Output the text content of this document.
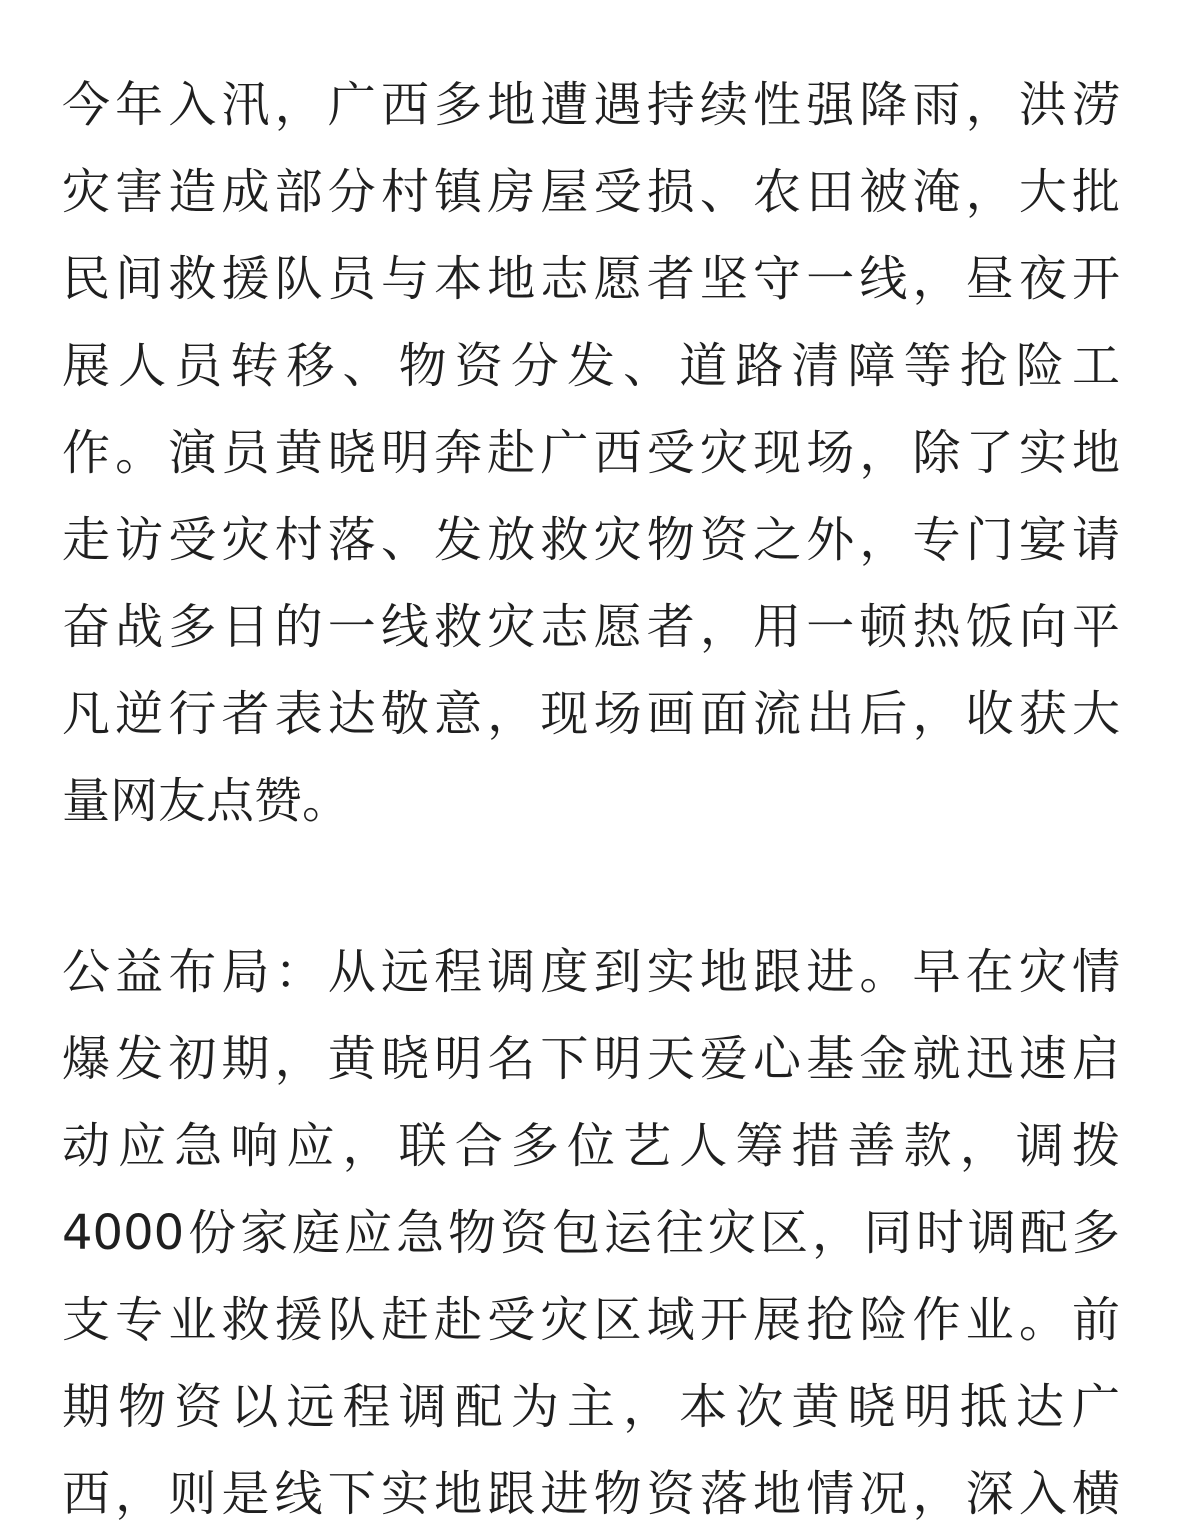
今 年 入 汛 ， 广 西 多 地 遭 遇 持 续 性 强 降 雨 ， 洪 涝
灾 害 造 成 部 分 村 镇 房 屋 受 损 、 农 田 被 淹 ， 大 批
民 间 救 援 队 员 与 本 地 志 愿 者 坚 守 一 线 ， 昼 夜 开
展 人 员 转 移 、 物 资 分 发 、 道 路 清 障 等 抢 险 工
作 。 演 员 黄 晓 明 奔 赴 广 西 受 灾 现 场 ， 除 了 实 地
走 访 受 灾 村 落 、 发 放 救 灾 物 资 之 外 ， 专 门 宴 请
奋 战 多 日 的 一 线 救 灾 志 愿 者 ， 用 一 顿 热 饭 向 平
凡 逆 行 者 表 达 敬 意 ， 现 场 画 面 流 出 后 ， 收 获 大
量网友点赞。
公 益 布 局 ： 从 远 程 调 度 到 实 地 跟 进 。 早 在 灾 情
爆 发 初 期 ， 黄 晓 明 名 下 明 天 爱 心 基 金 就 迅 速 启
动 应 急 响 应 ， 联 合 多 位 艺 人 筹 措 善 款 ， 调 拨
4000 份 家 庭 应 急 物 资 包 运 往 灾 区 ， 同 时 调 配 多
支 专 业 救 援 队 赶 赴 受 灾 区 域 开 展 抢 险 作 业 。 前
期 物 资 以 远 程 调 配 为 主 ， 本 次 黄 晓 明 抵 达 广
西 ， 则 是 线 下 实 地 跟 进 物 资 落 地 情 况 ， 深 入 横
